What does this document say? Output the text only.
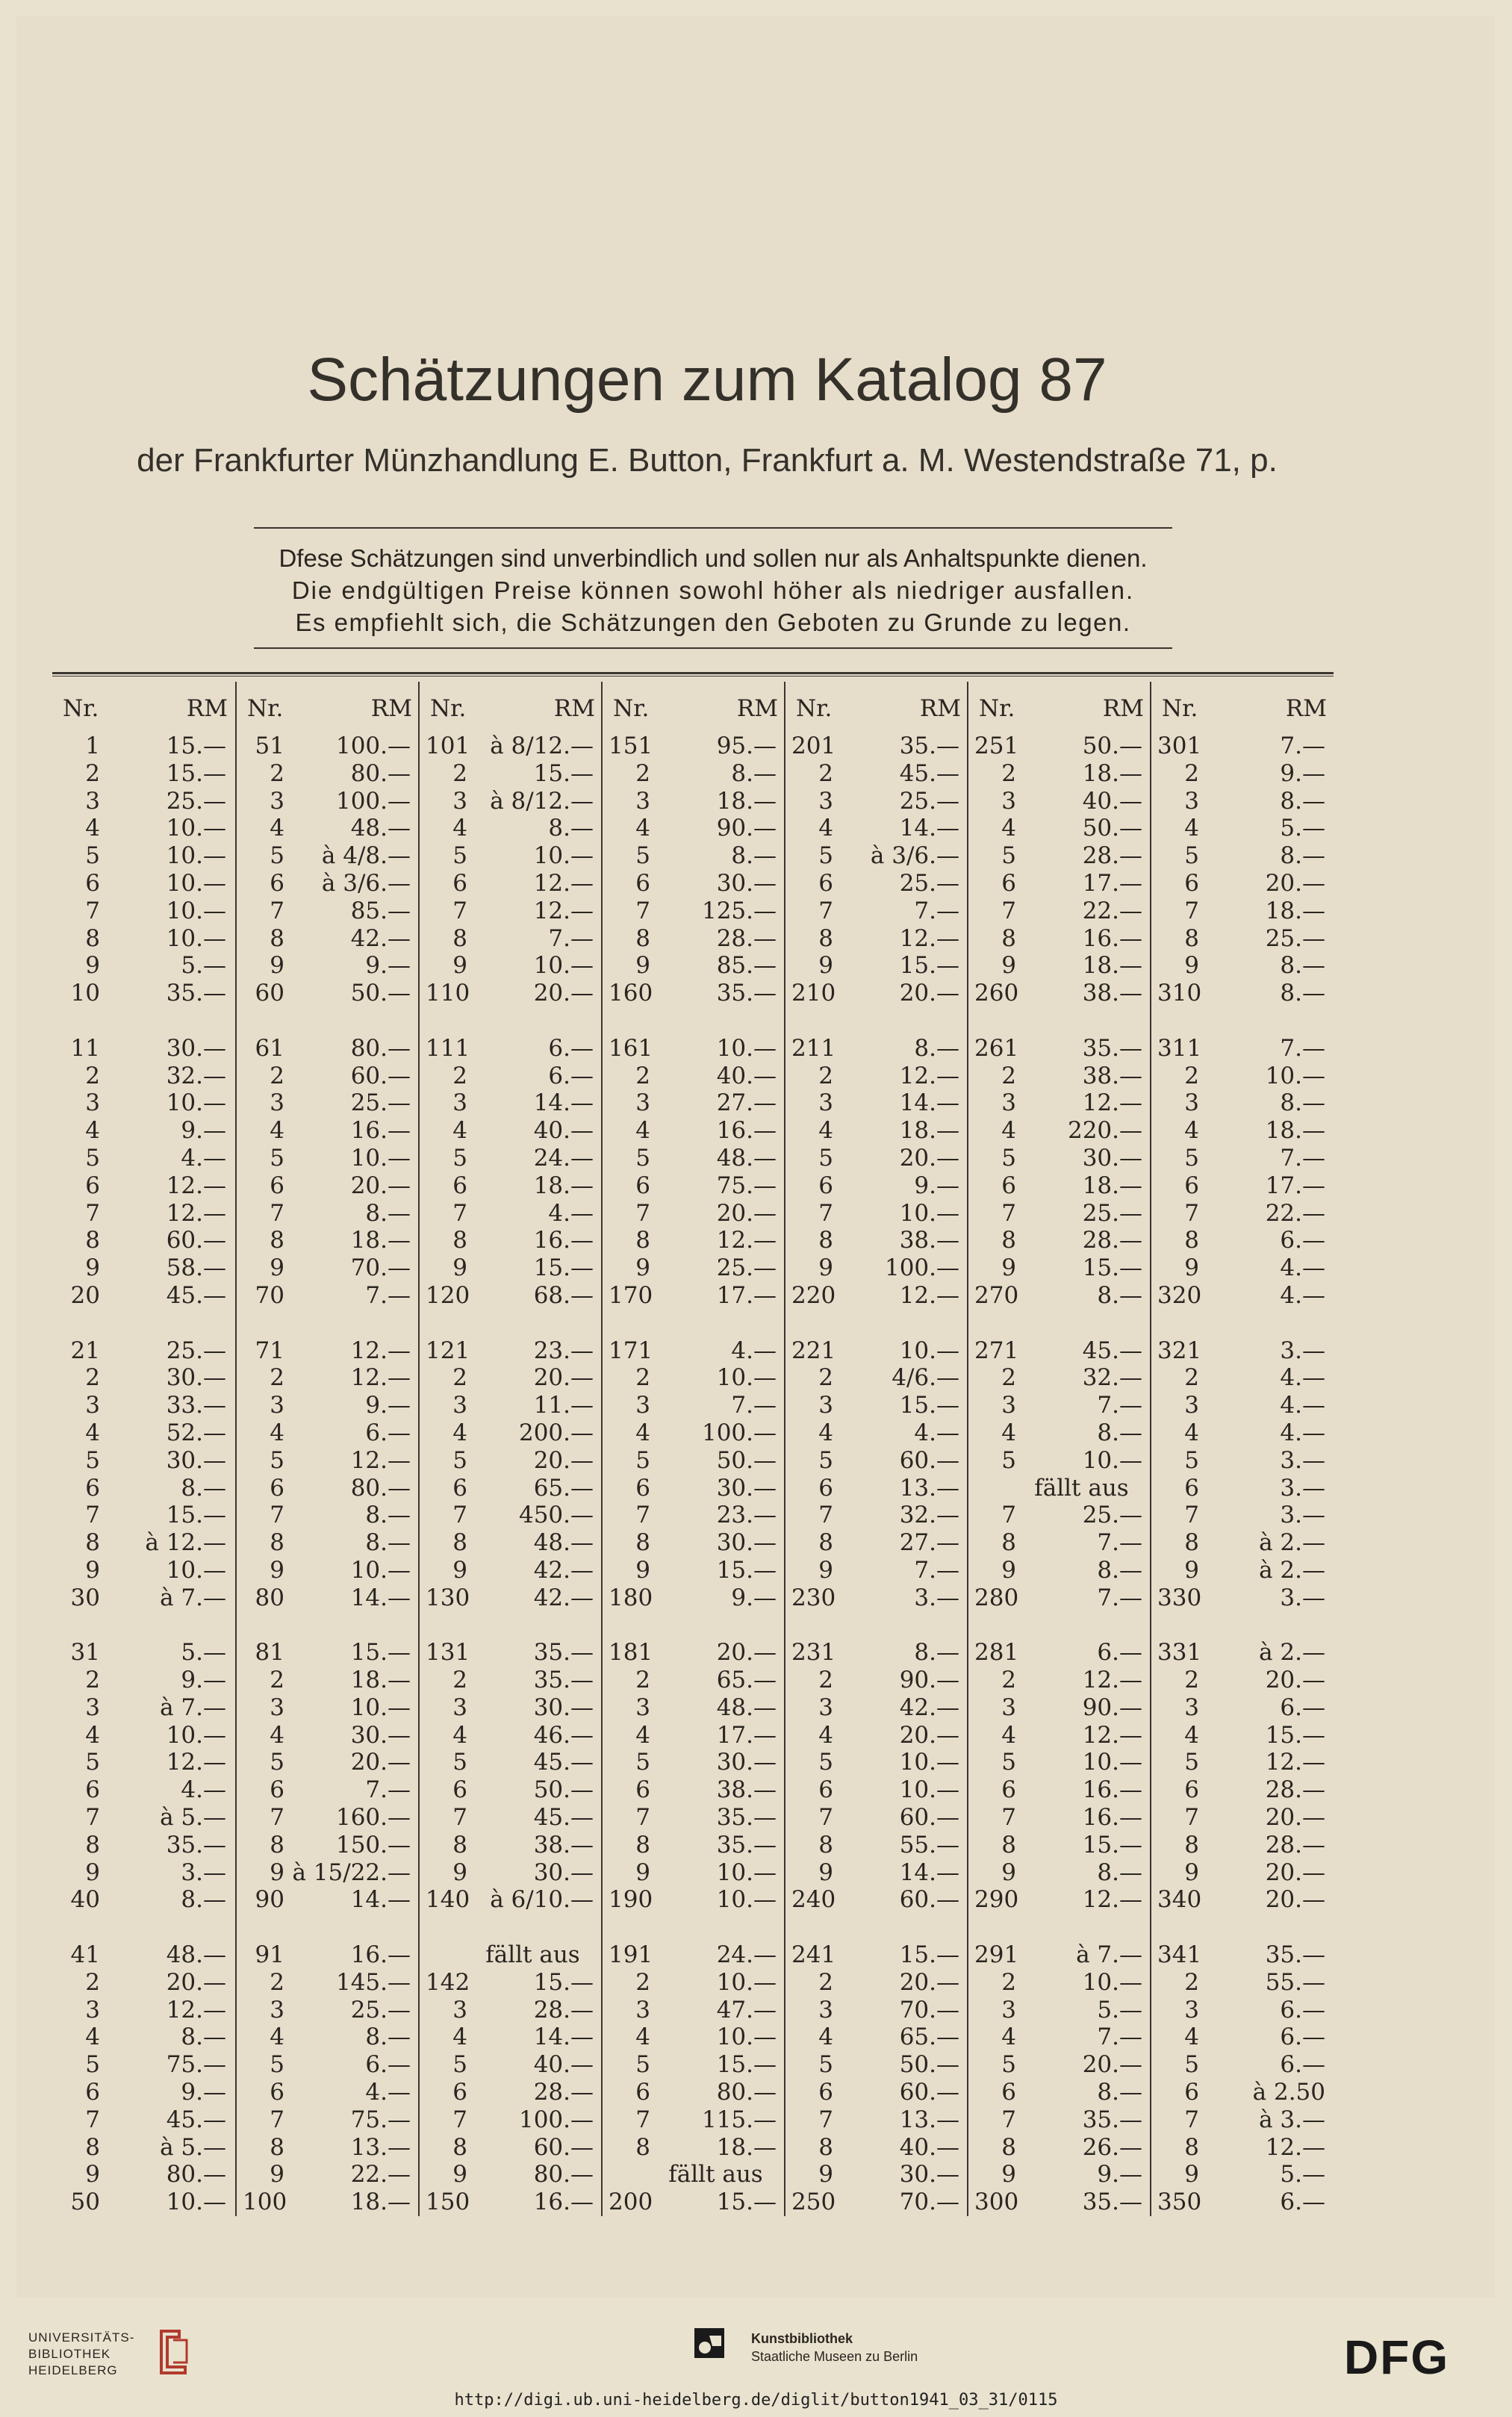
Schätzungen zum Katalog 87
der Frankfurter Münzhandlung E. Button, Frankfurt a. M. Westendstraße 71, p.
Dfese Schätzungen sind unverbindlich und sollen nur als Anhaltspunkte dienen.
Die endgültigen Preise können sowohl höher als niedriger ausfallen.
Es empfiehlt sich, die Schätzungen den Geboten zu Grunde zu legen.
Nr.	RM
1	15.—
2	15.—
3	25.—
4	10.—
5	10.—
6	10.—
7	10.—
8	10.—
9	5.—
10	35.—
11	30.—
2	32.—
3	10.—
4	9.—
5	4.—
6	12.—
7	12.—
8	60.—
9	58.—
20	45.—
21	25.—
2	30.—
3	33.—
4	52.—
5	30.—
6	8.—
7	15.—
8	à 12.—
9	10.—
30	à 7.—
31	5.—
2	9.—
3	à 7.—
4	10.—
5	12.—
6	4.—
7	à 5.—
8	35.—
9	3.—
40	8.—
41	48.—
2	20.—
3	12.—
4	8.—
5	75.—
6	9.—
7	45.—
8	à 5.—
9	80.—
50	10.—
Nr.	RM
51	100.—
2	80.—
3	100.—
4	48.—
5	à 4/8.—
6	à 3/6.—
7	85.—
8	42.—
9	9.—
60	50.—
61	80.—
2	60.—
3	25.—
4	16.—
5	10.—
6	20.—
7	8.—
8	18.—
9	70.—
70	7.—
71	12.—
2	12.—
3	9.—
4	6.—
5	12.—
6	80.—
7	8.—
8	8.—
9	10.—
80	14.—
81	15.—
2	18.—
3	10.—
4	30.—
5	20.—
6	7.—
7	160.—
8	150.—
9 à 15/22.—
90	14.—
91	16.—
2	145.—
3	25.—
4	8.—
5	6.—
6	4.—
7	75.—
8	13.—
9	22.—
100	18.—
Nr.	RM
101 à 8/12.—
2	15.—
3 à 8/12.—
4	8.—
5	10.—
6	12.—
7	12.—
8	7.—
9	10.—
110	20.—
111	6.—
2	6.—
3	14.—
4	40.—
5	24.—
6	18.—
7	4.—
8	16.—
9	15.—
120	68.—
121	23.—
2	20.—
3	11.—
4	200.—
5	20.—
6	65.—
7	450.—
8	48.—
9	42.—
130	42.—
131	35.—
2	35.—
3	30.—
4	46.—
5	45.—
6	50.—
7	45.—
8	38.—
9	30.—
140 à 6/10.—
fällt aus
142	15.—
3	28.—
4	14.—
5	40.—
6	28.—
7	100.—
8	60.—
9	80.—
150	16.—
Nr.	RM
151	95.—
2	8.—
3	18.—
4	90.—
5	8.—
6	30.—
7	125.—
8	28.—
9	85.—
160	35.—
161	10.—
2	40.—
3	27.—
4	16.—
5	48.—
6	75.—
7	20.—
8	12.—
9	25.—
170	17.—
171	4.—
2	10.—
3	7.—
4	100.—
5	50.—
6	30.—
7	23.—
8	30.—
9	15.—
180	9.—
181	20.—
2	65.—
3	48.—
4	17.—
5	30.—
6	38.—
7	35.—
8	35.—
9	10.—
190	10.—
191	24.—
2	10.—
3	47.—
4	10.—
5	15.—
6	80.—
7	115.—
8	18.—
fällt aus
200	15.—
Nr.	RM
201	35.—
2	45.—
3	25.—
4	14.—
5	à 3/6.—
6	25.—
7	7.—
8	12.—
9	15.—
210	20.—
211	8.—
2	12.—
3	14.—
4	18.—
5	20.—
6	9.—
7	10.—
8	38.—
9	100.—
220	12.—
221	10.—
2	4/6.—
3	15.—
4	4.—
5	60.—
6	13.—
7	32.—
8	27.—
9	7.—
230	3.—
231	8.—
2	90.—
3	42.—
4	20.—
5	10.—
6	10.—
7	60.—
8	55.—
9	14.—
240	60.—
241	15.—
2	20.—
3	70.—
4	65.—
5	50.—
6	60.—
7	13.—
8	40.—
9	30.—
250	70.—
Nr.	RM
251	50.—
2	18.—
3	40.—
4	50.—
5	28.—
6	17.—
7	22.—
8	16.—
9	18.—
260	38.—
261	35.—
2	38.—
3	12.—
4	220.—
5	30.—
6	18.—
7	25.—
8	28.—
9	15.—
270	8.—
271	45.—
2	32.—
3	7.—
4	8.—
5	10.—
fällt aus
7	25.—
8	7.—
9	8.—
280	7.—
281	6.—
2	12.—
3	90.—
4	12.—
5	10.—
6	16.—
7	16.—
8	15.—
9	8.—
290	12.—
291	à 7.—
2	10.—
3	5.—
4	7.—
5	20.—
6	8.—
7	35.—
8	26.—
9	9.—
300	35.—
Nr.	RM
301	7.—
2	9.—
3	8.—
4	5.—
5	8.—
6	20.—
7	18.—
8	25.—
9	8.—
310	8.—
311	7.—
2	10.—
3	8.—
4	18.—
5	7.—
6	17.—
7	22.—
8	6.—
9	4.—
320	4.—
321	3.—
2	4.—
3	4.—
4	4.—
5	3.—
6	3.—
7	3.—
8	à 2.—
9	à 2.—
330	3.—
331	à 2.—
2	20.—
3	6.—
4	15.—
5	12.—
6	28.—
7	20.—
8	28.—
9	20.—
340	20.—
341	35.—
2	55.—
3	6.—
4	6.—
5	6.—
6	à 2.50
7	à 3.—
8	12.—
9	5.—
350	6.—
UNIVERSITÄTS-
BIBLIOTHEK
HEIDELBERG
Kunstbibliothek
Staatliche Museen zu Berlin	DFG
http://digi.ub.uni-heidelberg.de/diglit/button1941_03_31/0115
